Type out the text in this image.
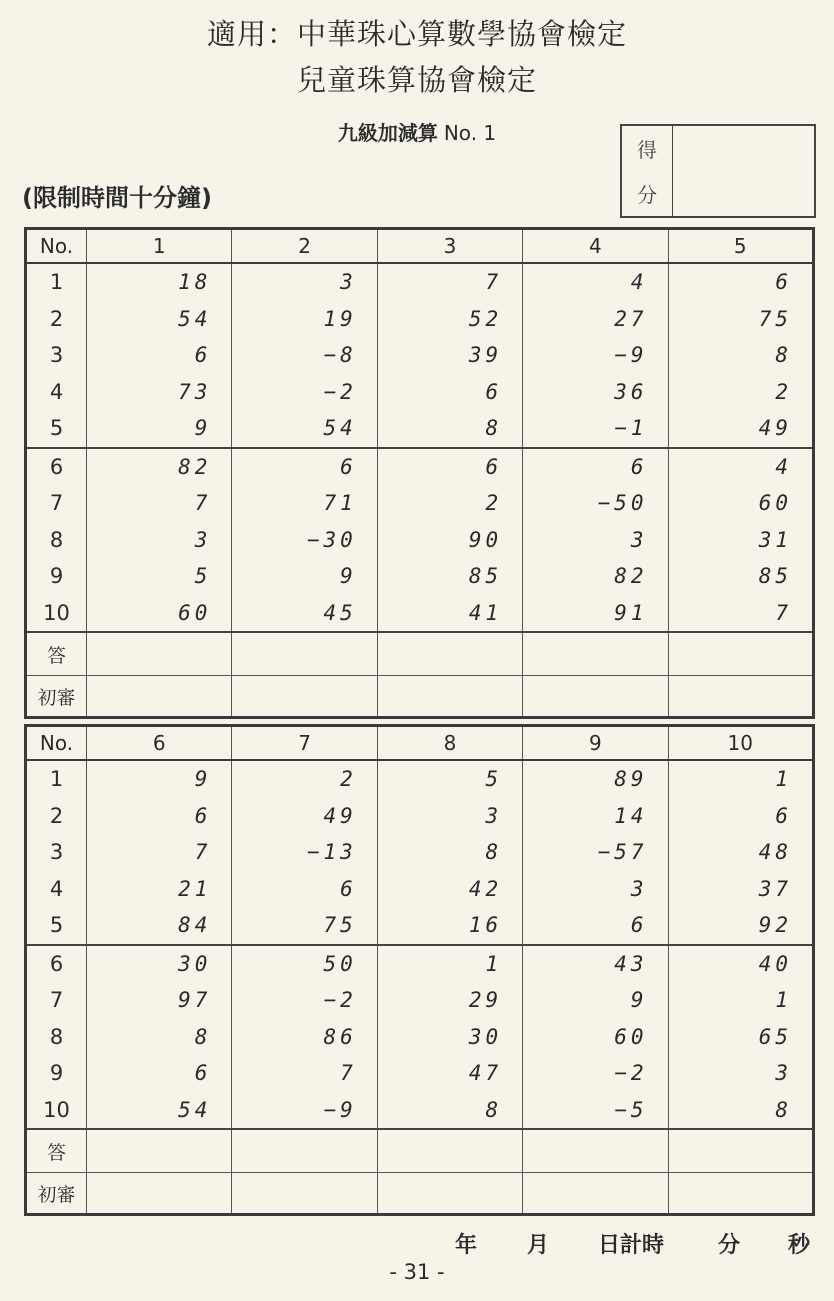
適用：中華珠心算數學協會檢定
兒童珠算協會檢定
九級加減算 No. 1
(限制時間十分鐘)
得
分
No.	1	2	3	4	5
1	18	3	7	4	6
2	54	19	52	27	75
3	6	−8	39	−9	8
4	73	−2	6	36	2
5	9	54	8	−1	49
6	82	6	6	6	4
7	7	71	2	−50	60
8	3	−30	90	3	31
9	5	9	85	82	85
10	60	45	41	91	7
答					
初審					
No.	6	7	8	9	10
1	9	2	5	89	1
2	6	49	3	14	6
3	7	−13	8	−57	48
4	21	6	42	3	37
5	84	75	16	6	92
6	30	50	1	43	40
7	97	−2	29	9	1
8	8	86	30	60	65
9	6	7	47	−2	3
10	54	−9	8	−5	8
答					
初審					
年 月 日計時 分 秒
- 31 -
